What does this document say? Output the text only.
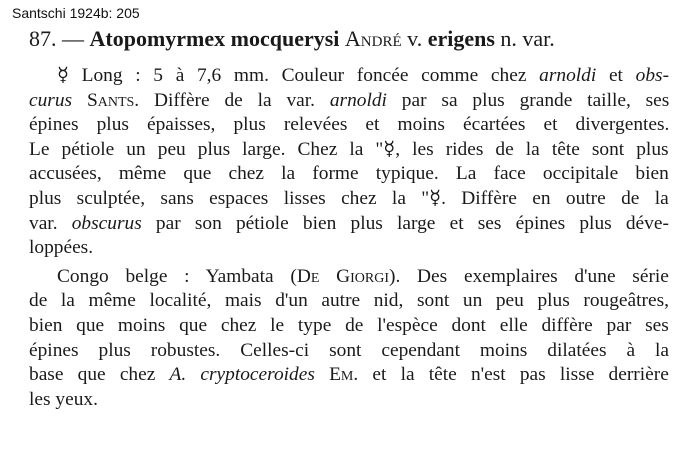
Santschi 1924b: 205
87. — Atopomyrmex mocquerysi André v. erigens n. var.

☿ Long : 5 à 7,6 mm. Couleur foncée comme chez arnoldi et obs-
curus Sants. Diffère de la var. arnoldi par sa plus grande taille, ses
épines plus épaisses, plus relevées et moins écartées et divergentes.
Le pétiole un peu plus large. Chez la "☿, les rides de la tête sont plus
accusées, même que chez la forme typique. La face occipitale bien
plus sculptée, sans espaces lisses chez la "☿. Diffère en outre de la
var. obscurus par son pétiole bien plus large et ses épines plus déve-
loppées.

Congo belge : Yambata (De Giorgi). Des exemplaires d'une série
de la même localité, mais d'un autre nid, sont un peu plus rougeâtres,
bien que moins que chez le type de l'espèce dont elle diffère par ses
épines plus robustes. Celles-ci sont cependant moins dilatées à la
base que chez A. cryptoceroides Em. et la tête n'est pas lisse derrière
les yeux.
